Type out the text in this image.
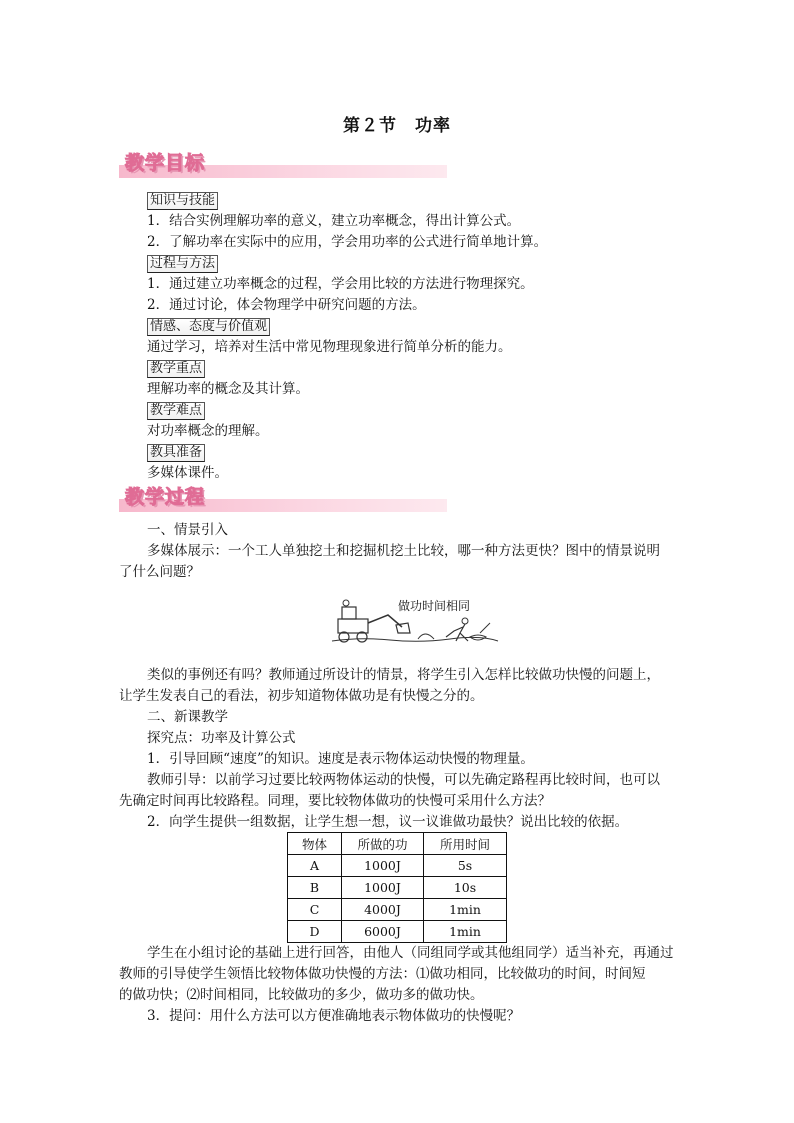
第２节　功率
教学目标
知识与技能
1．结合实例理解功率的意义，建立功率概念，得出计算公式。
2．了解功率在实际中的应用，学会用功率的公式进行简单地计算。
过程与方法
1．通过建立功率概念的过程，学会用比较的方法进行物理探究。
2．通过讨论，体会物理学中研究问题的方法。
情感、态度与价值观
通过学习，培养对生活中常见物理现象进行简单分析的能力。
教学重点
理解功率的概念及其计算。
教学难点
对功率概念的理解。
教具准备
多媒体课件。
教学过程
一、情景引入
多媒体展示：一个工人单独挖土和挖掘机挖土比较，哪一种方法更快？图中的情景说明
了什么问题？
做功时间相同
类似的事例还有吗？教师通过所设计的情景，将学生引入怎样比较做功快慢的问题上，
让学生发表自己的看法，初步知道物体做功是有快慢之分的。
二、新课教学
探究点：功率及计算公式
1．引导回顾“速度”的知识。速度是表示物体运动快慢的物理量。
教师引导：以前学习过要比较两物体运动的快慢，可以先确定路程再比较时间，也可以
先确定时间再比较路程。同理，要比较物体做功的快慢可采用什么方法？
2．向学生提供一组数据，让学生想一想，议一议谁做功最快？说出比较的依据。
物体	所做的功	所用时间
A	1000J	5s
B	1000J	10s
C	4000J	1min
D	6000J	1min
学生在小组讨论的基础上进行回答，由他人（同组同学或其他组同学）适当补充，再通过
教师的引导使学生领悟比较物体做功快慢的方法：⑴做功相同，比较做功的时间，时间短
的做功快；⑵时间相同，比较做功的多少，做功多的做功快。
3．提问：用什么方法可以方便准确地表示物体做功的快慢呢？
